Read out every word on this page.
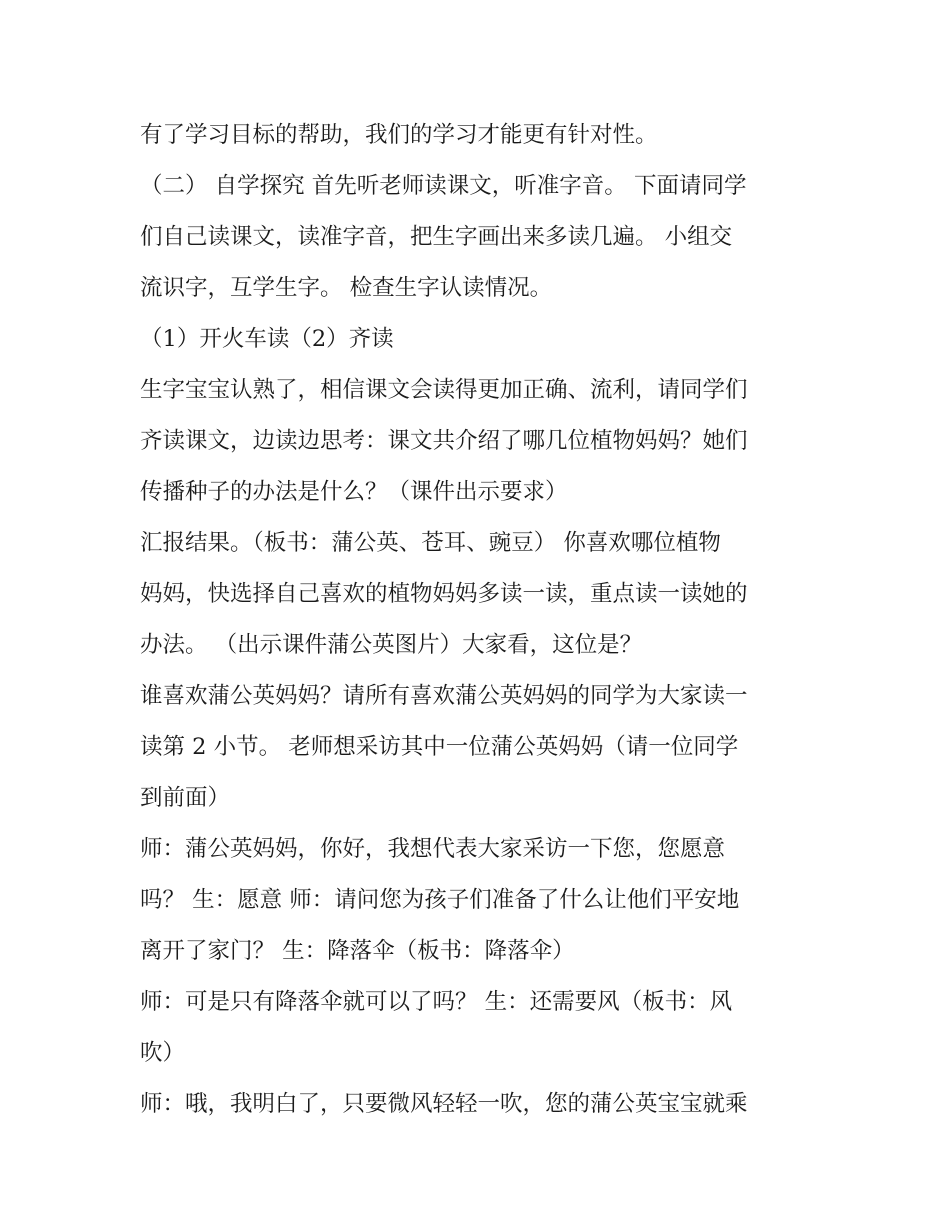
有了学习目标的帮助，我们的学习才能更有针对性。
（二） 自学探究 首先听老师读课文，听准字音。 下面请同学
们自己读课文，读准字音，把生字画出来多读几遍。 小组交
流识字，互学生字。 检查生字认读情况。
（1）开火车读（2）齐读
生字宝宝认熟了，相信课文会读得更加正确、流利，请同学们
齐读课文，边读边思考：课文共介绍了哪几位植物妈妈？她们
传播种子的办法是什么？（课件出示要求）
汇报结果。（板书：蒲公英、苍耳、豌豆） 你喜欢哪位植物
妈妈，快选择自己喜欢的植物妈妈多读一读，重点读一读她的
办法。 （出示课件蒲公英图片）大家看，这位是？
谁喜欢蒲公英妈妈？请所有喜欢蒲公英妈妈的同学为大家读一
读第 2 小节。 老师想采访其中一位蒲公英妈妈（请一位同学
到前面）
师：蒲公英妈妈，你好，我想代表大家采访一下您，您愿意
吗？ 生：愿意 师：请问您为孩子们准备了什么让他们平安地
离开了家门？ 生：降落伞（板书：降落伞）
师：可是只有降落伞就可以了吗？ 生：还需要风（板书：风
吹）
师：哦，我明白了，只要微风轻轻一吹，您的蒲公英宝宝就乘
